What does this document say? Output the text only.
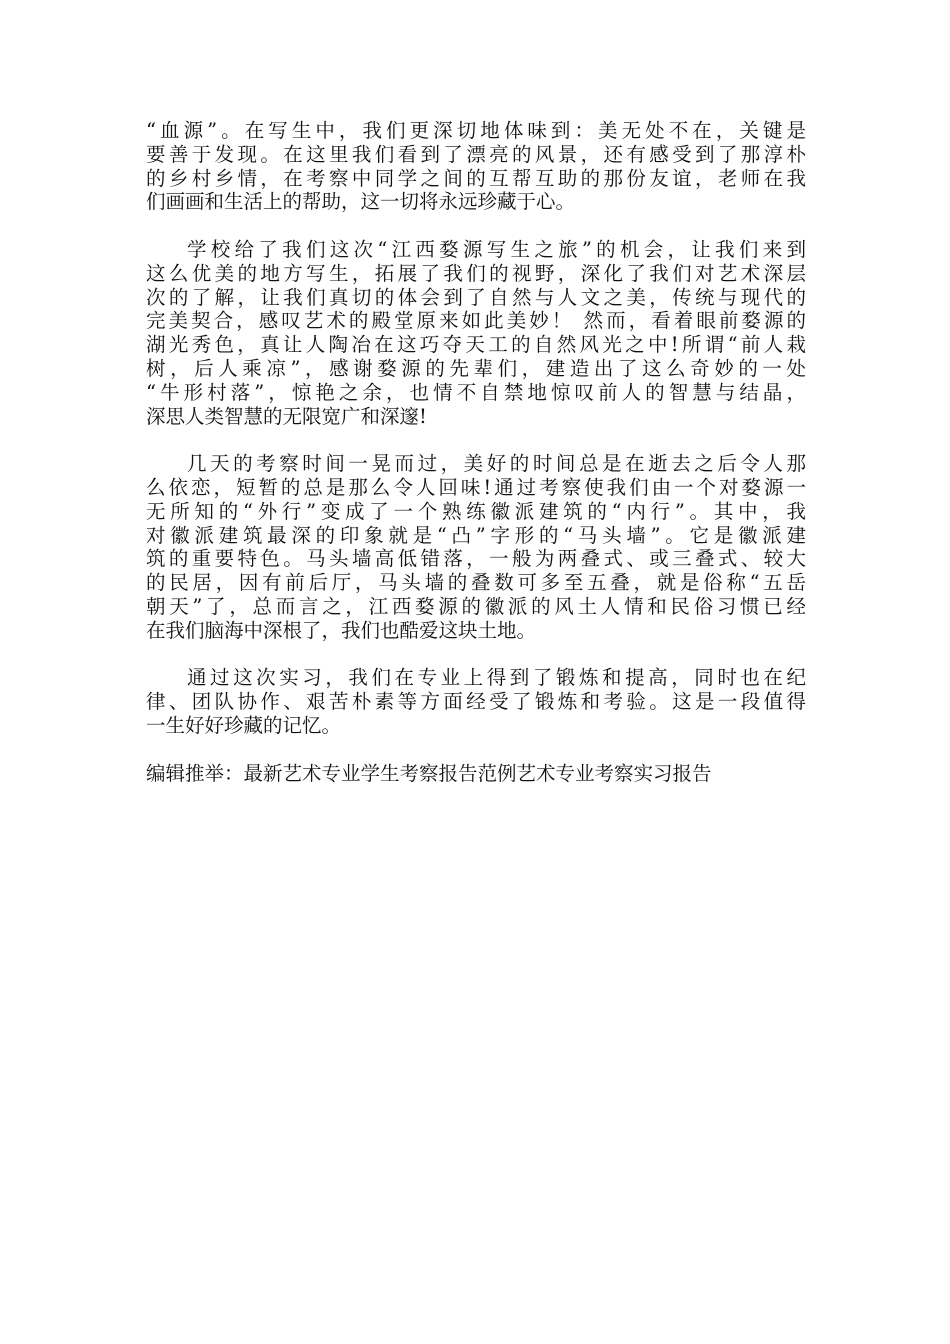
“血源”。在写生中，我们更深切地体味到：美无处不在，关键是
要善于发现。在这里我们看到了漂亮的风景，还有感受到了那淳朴
的乡村乡情，在考察中同学之间的互帮互助的那份友谊，老师在我
们画画和生活上的帮助，这一切将永远珍藏于心。
学校给了我们这次“江西婺源写生之旅”的机会，让我们来到
这么优美的地方写生，拓展了我们的视野，深化了我们对艺术深层
次的了解，让我们真切的体会到了自然与人文之美，传统与现代的
完美契合，感叹艺术的殿堂原来如此美妙！ 然而，看着眼前婺源的
湖光秀色，真让人陶冶在这巧夺天工的自然风光之中!所谓“前人栽
树，后人乘凉”，感谢婺源的先辈们，建造出了这么奇妙的一处
“牛形村落”，惊艳之余，也情不自禁地惊叹前人的智慧与结晶，
深思人类智慧的无限宽广和深邃!
几天的考察时间一晃而过，美好的时间总是在逝去之后令人那
么依恋，短暂的总是那么令人回味!通过考察使我们由一个对婺源一
无所知的“外行”变成了一个熟练徽派建筑的“内行”。其中，我
对徽派建筑最深的印象就是“凸”字形的“马头墙”。它是徽派建
筑的重要特色。马头墙高低错落，一般为两叠式、或三叠式、较大
的民居，因有前后厅，马头墙的叠数可多至五叠，就是俗称“五岳
朝天”了，总而言之，江西婺源的徽派的风土人情和民俗习惯已经
在我们脑海中深根了，我们也酷爱这块土地。
通过这次实习，我们在专业上得到了锻炼和提高，同时也在纪
律、团队协作、艰苦朴素等方面经受了锻炼和考验。这是一段值得
一生好好珍藏的记忆。
编辑推举：最新艺术专业学生考察报告范例艺术专业考察实习报告
